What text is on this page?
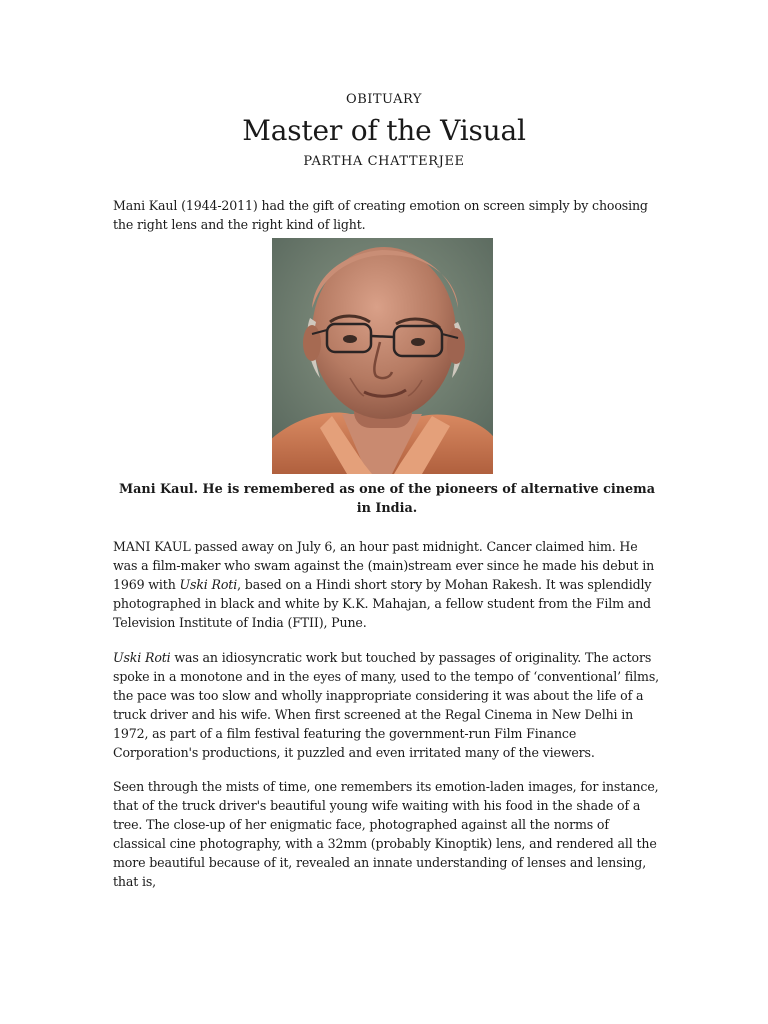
OBITUARY

Master of the Visual

PARTHA CHATTERJEE

Mani Kaul (1944-2011) had the gift of creating emotion on screen simply by choosing the right lens and the right kind of light.

Mani Kaul. He is remembered as one of the pioneers of alternative cinema in India.

MANI KAUL passed away on July 6, an hour past midnight. Cancer claimed him. He was a film-maker who swam against the (main)stream ever since he made his debut in 1969 with Uski Roti, based on a Hindi short story by Mohan Rakesh. It was splendidly photographed in black and white by K.K. Mahajan, a fellow student from the Film and Television Institute of India (FTII), Pune.

Uski Roti was an idiosyncratic work but touched by passages of originality. The actors spoke in a monotone and in the eyes of many, used to the tempo of ‘conventional’ films, the pace was too slow and wholly inappropriate considering it was about the life of a truck driver and his wife. When first screened at the Regal Cinema in New Delhi in 1972, as part of a film festival featuring the government-run Film Finance Corporation's productions, it puzzled and even irritated many of the viewers.

Seen through the mists of time, one remembers its emotion-laden images, for instance, that of the truck driver's beautiful young wife waiting with his food in the shade of a tree. The close-up of her enigmatic face, photographed against all the norms of classical cine photography, with a 32mm (probably Kinoptik) lens, and rendered all the more beautiful because of it, revealed an innate understanding of lenses and lensing, that is,
